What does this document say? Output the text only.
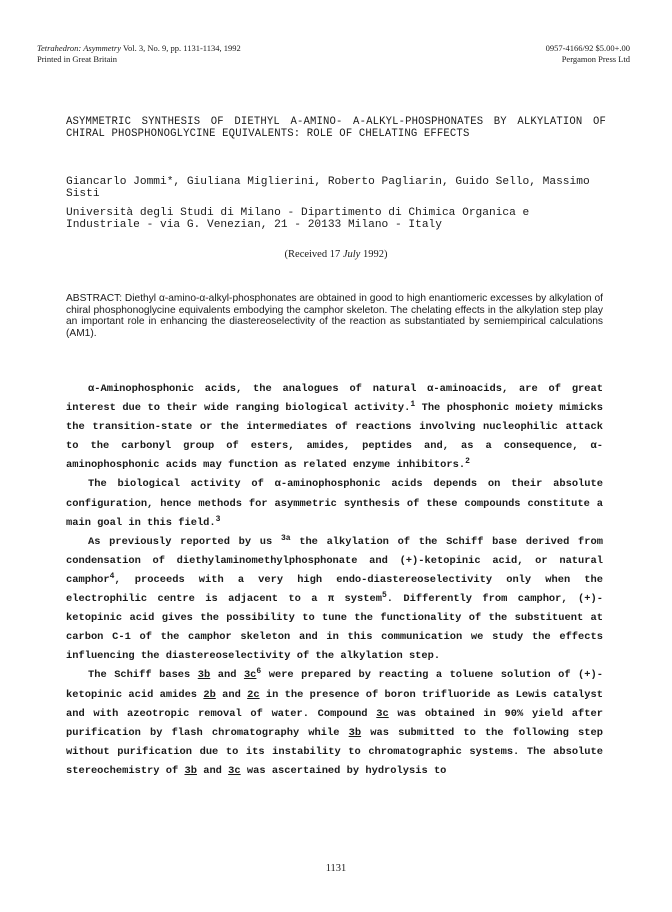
Tetrahedron: Asymmetry Vol. 3, No. 9, pp. 1131-1134, 1992
Printed in Great Britain
0957-4166/92 $5.00+.00
Pergamon Press Ltd
ASYMMETRIC SYNTHESIS OF DIETHYL Α-AMINO- Α-ALKYL-PHOSPHONATES BY ALKYLATION OF CHIRAL PHOSPHONOGLYCINE EQUIVALENTS: ROLE OF CHELATING EFFECTS
Giancarlo Jommi*, Giuliana Miglierini, Roberto Pagliarin, Guido Sello, Massimo Sisti
Università degli Studi di Milano - Dipartimento di Chimica Organica e Industriale - via G. Venezian, 21 - 20133 Milano - Italy
(Received 17 July 1992)
ABSTRACT: Diethyl α-amino-α-alkyl-phosphonates are obtained in good to high enantiomeric excesses by alkylation of chiral phosphonoglycine equivalents embodying the camphor skeleton. The chelating effects in the alkylation step play an important role in enhancing the diastereoselectivity of the reaction as substantiated by semiempirical calculations (AM1).

α-Aminophosphonic acids, the analogues of natural α-aminoacids, are of great interest due to their wide ranging biological activity.$^1$ The phosphonic moiety mimicks the transition-state or the intermediates of reactions involving nucleophilic attack to the carbonyl group of esters, amides, peptides and, as a consequence, α-aminophosphonic acids may function as related enzyme inhibitors.$^2$

The biological activity of α-aminophosphonic acids depends on their absolute configuration, hence methods for asymmetric synthesis of these compounds constitute a main goal in this field.$^3$

As previously reported by us $^{3a}$ the alkylation of the Schiff base derived from condensation of diethylaminomethylphosphonate and (+)-ketopinic acid, or natural camphor$^4$, proceeds with a very high endo-diastereoselectivity only when the electrophilic centre is adjacent to a π system$^5$. Differently from camphor, (+)-ketopinic acid gives the possibility to tune the functionality of the substituent at carbon C-1 of the camphor skeleton and in this communication we study the effects influencing the diastereoselectivity of the alkylation step.

The Schiff bases 3b and $3c^6$ were prepared by reacting a toluene solution of (+)-ketopinic acid amides 2b and 2c in the presence of boron trifluoride as Lewis catalyst and with azeotropic removal of water. Compound 3c was obtained in 90% yield after purification by flash chromatography while 3b was submitted to the following step without purification due to its instability to chromatographic systems. The absolute stereochemistry of 3b and 3c was ascertained by hydrolysis to

1131
